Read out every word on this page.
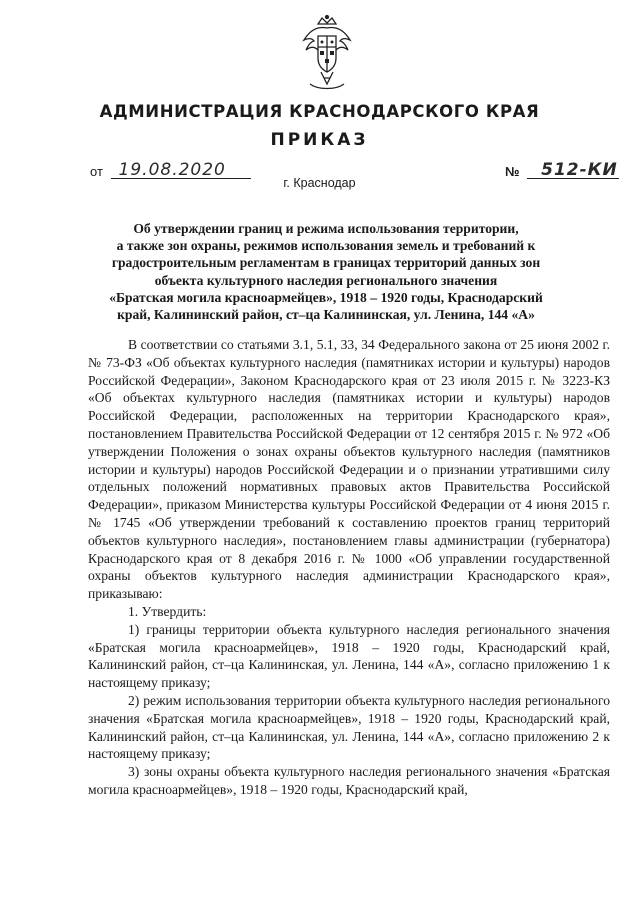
АДМИНИСТРАЦИЯ КРАСНОДАРСКОГО КРАЯ
ПРИКАЗ
от 19.08.2020	№ 512-КИ
г. Краснодар
Об утверждении границ и режима использования территории,
а также зон охраны, режимов использования земель и требований к
градостроительным регламентам в границах территорий данных зон
объекта культурного наследия регионального значения
«Братская могила красноармейцев», 1918 – 1920 годы, Краснодарский
край, Калининский район, ст–ца Калининская, ул. Ленина, 144 «А»

В соответствии со статьями 3.1, 5.1, 33, 34 Федерального закона от 25 июня 2002 г. № 73-ФЗ «Об объектах культурного наследия (памятниках истории и культуры) народов Российской Федерации», Законом Краснодарского края от 23 июля 2015 г. № 3223-КЗ «Об объектах культурного наследия (памятниках истории и культуры) народов Российской Федерации, расположенных на территории Краснодарского края», постановлением Правительства Российской Федерации от 12 сентября 2015 г. № 972 «Об утверждении Положения о зонах охраны объектов культурного наследия (памятников истории и культуры) народов Российской Федерации и о признании утратившими силу отдельных положений нормативных правовых актов Правительства Российской Федерации», приказом Министерства культуры Российской Федерации от 4 июня 2015 г. № 1745 «Об утверждении требований к составлению проектов границ территорий объектов культурного наследия», постановлением главы администрации (губернатора) Краснодарского края от 8 декабря 2016 г. № 1000 «Об управлении государственной охраны объектов культурного наследия администрации Краснодарского края», приказываю:

1. Утвердить:

1) границы территории объекта культурного наследия регионального значения «Братская могила красноармейцев», 1918 – 1920 годы, Краснодарский край, Калининский район, ст–ца Калининская, ул. Ленина, 144 «А», согласно приложению 1 к настоящему приказу;

2) режим использования территории объекта культурного наследия регионального значения «Братская могила красноармейцев», 1918 – 1920 годы, Краснодарский край, Калининский район, ст–ца Калининская, ул. Ленина, 144 «А», согласно приложению 2 к настоящему приказу;

3) зоны охраны объекта культурного наследия регионального значения «Братская могила красноармейцев», 1918 – 1920 годы, Краснодарский край,
